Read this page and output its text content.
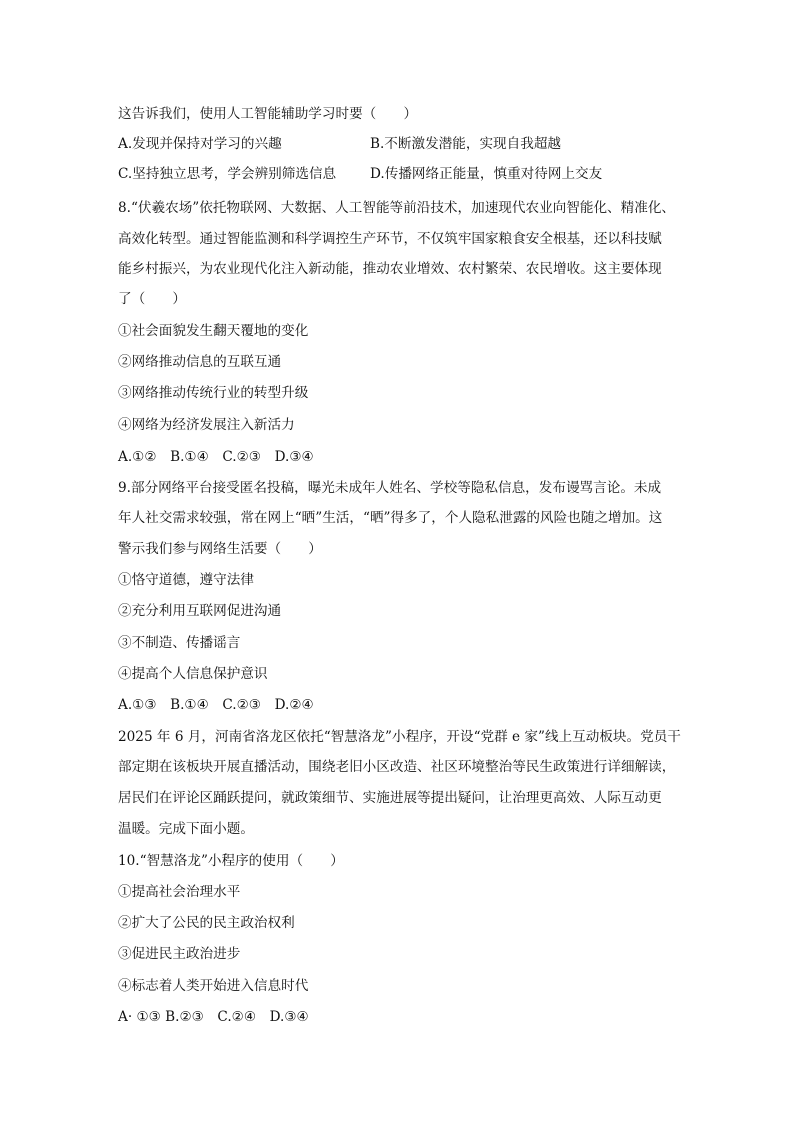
这告诉我们，使用人工智能辅助学习时要（　　）
A.发现并保持对学习的兴趣	B.不断激发潜能，实现自我超越
C.坚持独立思考，学会辨别筛选信息 D.传播网络正能量，慎重对待网上交友
8.“伏羲农场”依托物联网、大数据、人工智能等前沿技术，加速现代农业向智能化、精准化、
高效化转型。通过智能监测和科学调控生产环节，不仅筑牢国家粮食安全根基，还以科技赋
能乡村振兴，为农业现代化注入新动能，推动农业增效、农村繁荣、农民增收。这主要体现
了（　　）
①社会面貌发生翻天覆地的变化
②网络推动信息的互联互通
③网络推动传统行业的转型升级
④网络为经济发展注入新活力
A.①②　B.①④　C.②③　D.③④
9.部分网络平台接受匿名投稿，曝光未成年人姓名、学校等隐私信息，发布谩骂言论。未成
年人社交需求较强，常在网上“晒”生活，“晒”得多了，个人隐私泄露的风险也随之增加。这
警示我们参与网络生活要（　　）
①恪守道德，遵守法律
②充分利用互联网促进沟通
③不制造、传播谣言
④提高个人信息保护意识
A.①③　B.①④　C.②③　D.②④
2025 年 6 月，河南省洛龙区依托“智慧洛龙”小程序，开设“党群 e 家”线上互动板块。党员干
部定期在该板块开展直播活动，围绕老旧小区改造、社区环境整治等民生政策进行详细解读，
居民们在评论区踊跃提问，就政策细节、实施进展等提出疑问，让治理更高效、人际互动更
温暖。完成下面小题。
10.“智慧洛龙”小程序的使用（　　）
①提高社会治理水平
②扩大了公民的民主政治权利
③促进民主政治进步
④标志着人类开始进入信息时代
A· ①③ B.②③　C.②④　D.③④
